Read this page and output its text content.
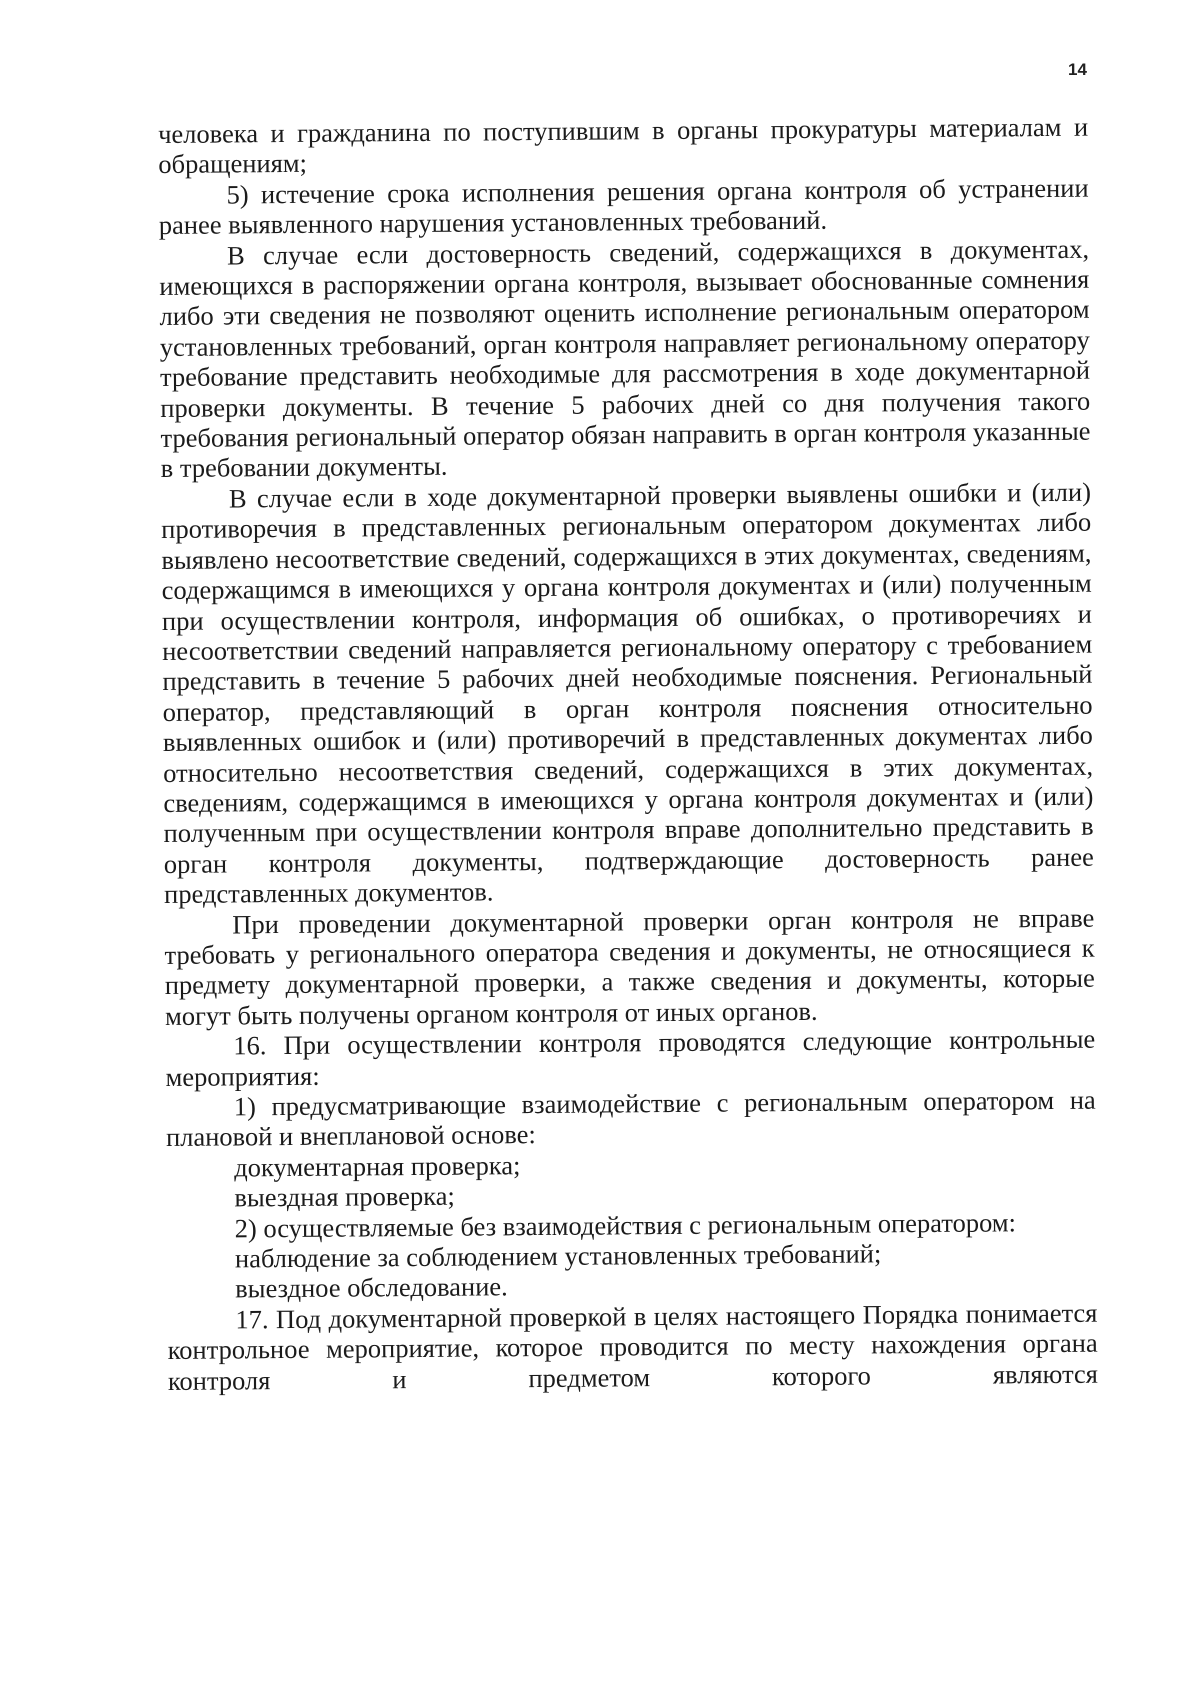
14

человека и гражданина по поступившим в органы прокуратуры материалам и обращениям;

5) истечение срока исполнения решения органа контроля об устранении ранее выявленного нарушения установленных требований.

В случае если достоверность сведений, содержащихся в документах, имеющихся в распоряжении органа контроля, вызывает обоснованные сомнения либо эти сведения не позволяют оценить исполнение региональным оператором установленных требований, орган контроля направляет региональному оператору требование представить необходимые для рассмотрения в ходе документарной проверки документы. В течение 5 рабочих дней со дня получения такого требования региональный оператор обязан направить в орган контроля указанные в требовании документы.

В случае если в ходе документарной проверки выявлены ошибки и (или) противоречия в представленных региональным оператором документах либо выявлено несоответствие сведений, содержащихся в этих документах, сведениям, содержащимся в имеющихся у органа контроля документах и (или) полученным при осуществлении контроля, информация об ошибках, о противоречиях и несоответствии сведений направляется региональному оператору с требованием представить в течение 5 рабочих дней необходимые пояснения. Региональный оператор, представляющий в орган контроля пояснения относительно выявленных ошибок и (или) противоречий в представленных документах либо относительно несоответствия сведений, содержащихся в этих документах, сведениям, содержащимся в имеющихся у органа контроля документах и (или) полученным при осуществлении контроля вправе дополнительно представить в орган контроля документы, подтверждающие достоверность ранее представленных документов.

При проведении документарной проверки орган контроля не вправе требовать у регионального оператора сведения и документы, не относящиеся к предмету документарной проверки, а также сведения и документы, которые могут быть получены органом контроля от иных органов.

16. При осуществлении контроля проводятся следующие контрольные мероприятия:

1) предусматривающие взаимодействие с региональным оператором на плановой и внеплановой основе:

документарная проверка;

выездная проверка;

2) осуществляемые без взаимодействия с региональным оператором:

наблюдение за соблюдением установленных требований;

выездное обследование.

17. Под документарной проверкой в целях настоящего Порядка понимается контрольное мероприятие, которое проводится по месту нахождения органа контроля и предметом которого являются
